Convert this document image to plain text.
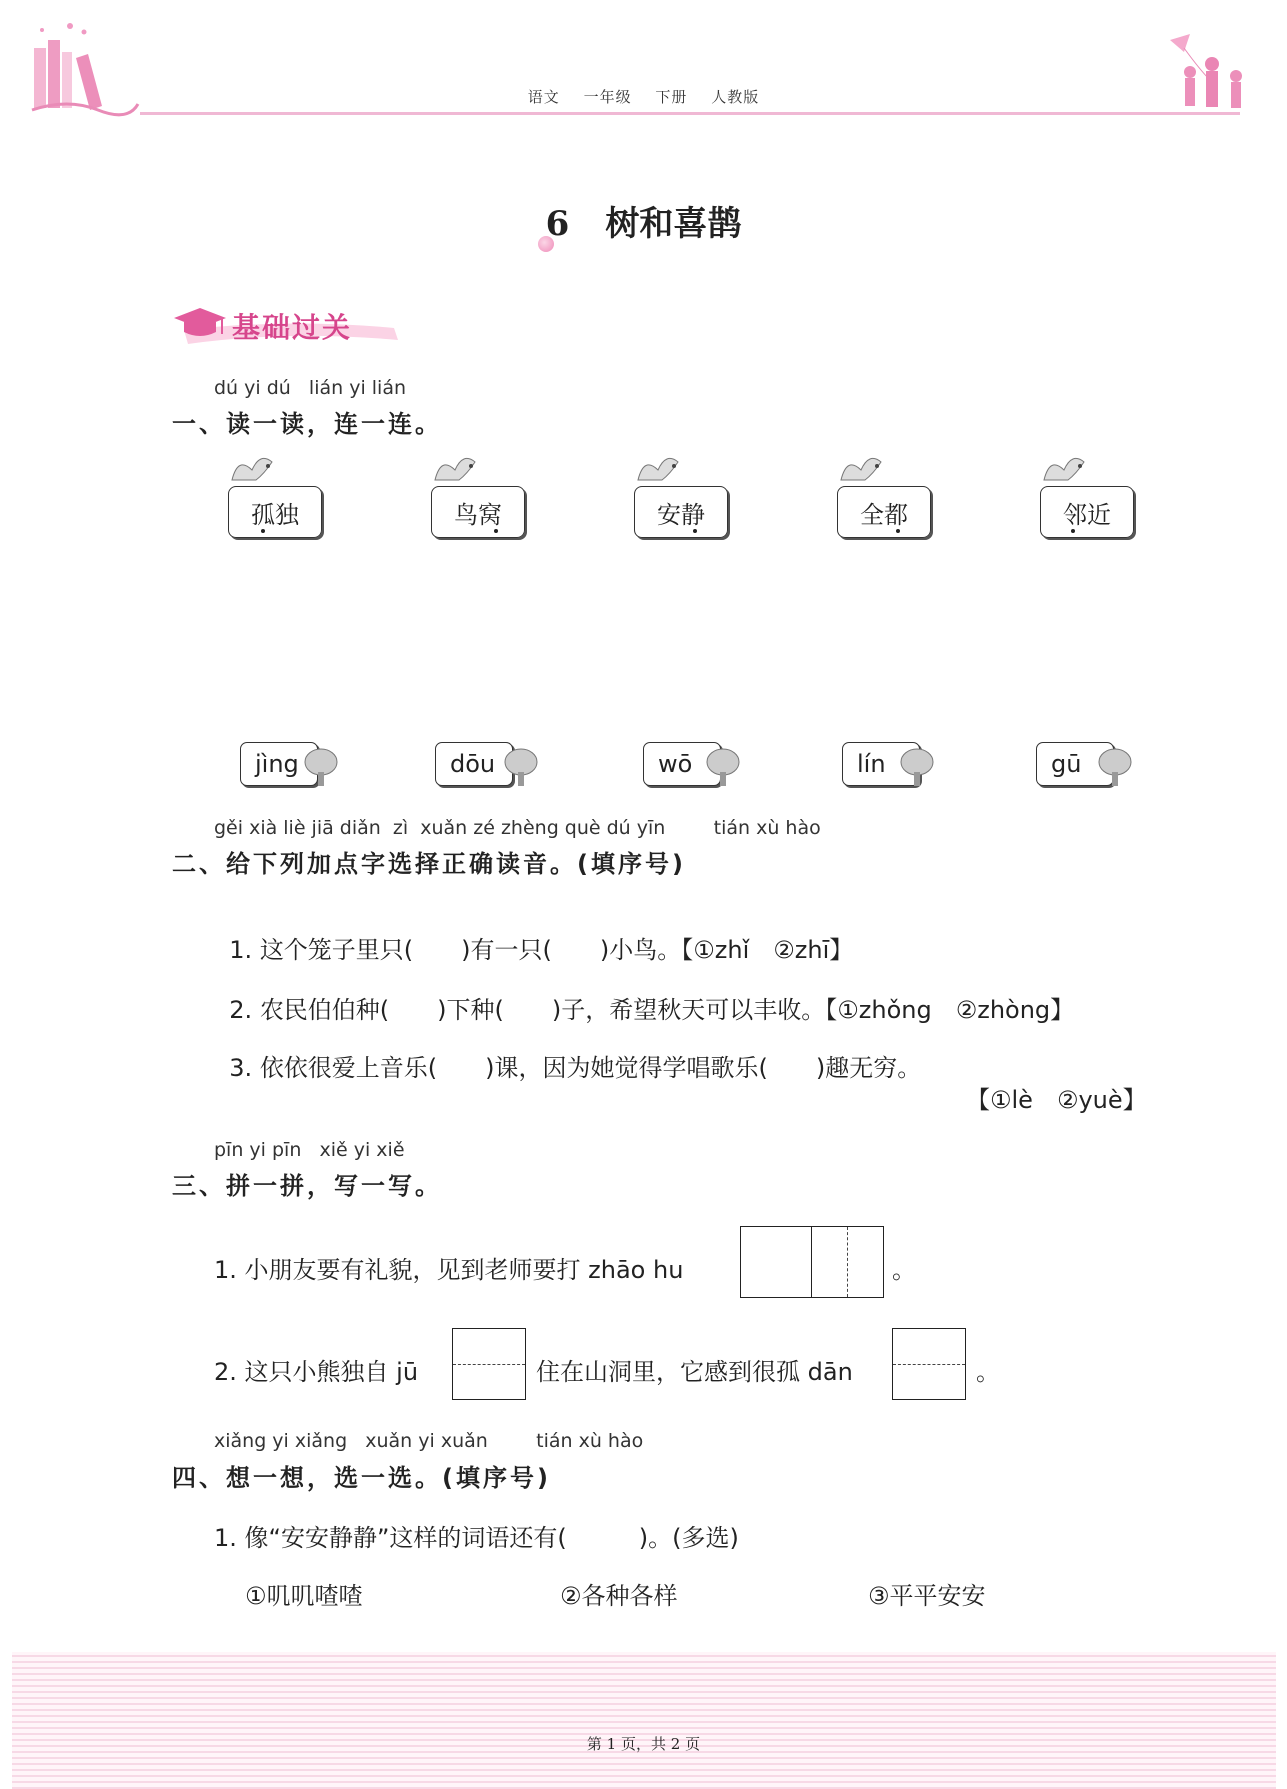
语文 一年级 下册 人教版
6 树和喜鹊
基础过关
dú yi dú   lián yi lián
一、读一读，连一连。
孤独	鸟窝	安静	全都	邻近
jìng	dōu	wō	lín	gū
gěi xià liè jiā diǎn  zì  xuǎn zé zhèng què dú yīn        tián xù hào
二、给下列加点字选择正确读音。(填序号)

1. 这个笼子里只(　　)有一只(　　)小鸟。【①zhǐ　②zhī】

2. 农民伯伯种(　　)下种(　　)子，希望秋天可以丰收。【①zhǒng　②zhòng】

3. 依依很爱上音乐(　　)课，因为她觉得学唱歌乐(　　)趣无穷。

【①lè　②yuè】
pīn yi pīn   xiě yi xiě
三、拼一拼，写一写。
1. 小朋友要有礼貌，见到老师要打 zhāo hu	。
2. 这只小熊独自 jū	住在山洞里，它感到很孤 dān	。
xiǎng yi xiǎng   xuǎn yi xuǎn        tián xù hào
四、想一想，选一选。(填序号)
1. 像“安安静静”这样的词语还有(　　　)。(多选)
①叽叽喳喳	②各种各样	③平平安安
第 1 页，共 2 页
